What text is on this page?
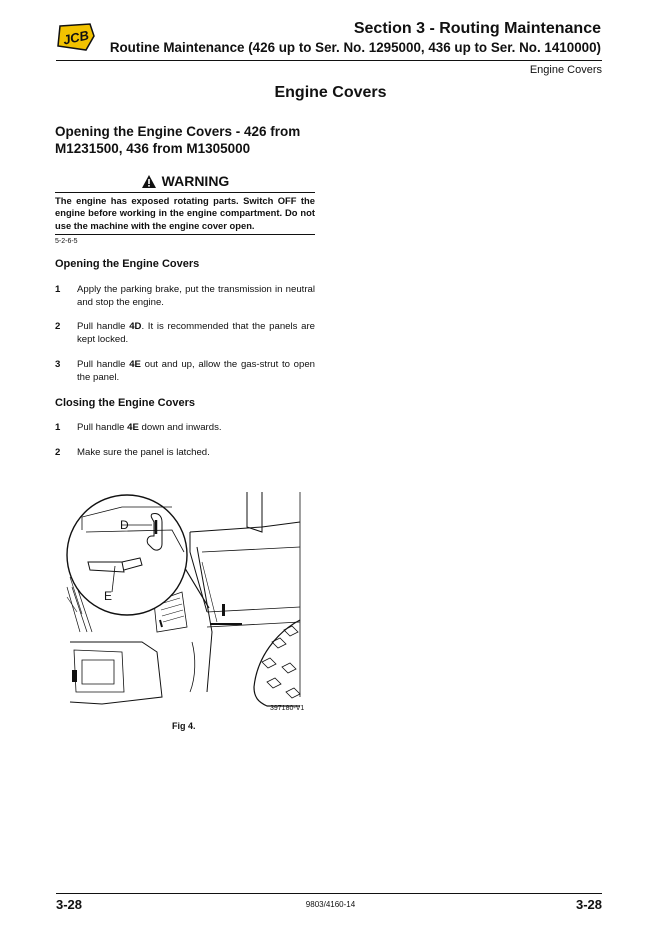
JCB	Section 3 - Routing Maintenance
Routine Maintenance (426 up to Ser. No. 1295000, 436 up to Ser. No. 1410000)
Engine Covers
Engine Covers
Opening the Engine Covers - 426 from M1231500, 436 from M1305000
WARNING
The engine has exposed rotating parts. Switch OFF the engine before working in the engine compartment. Do not use the machine with the engine cover open.
5-2-6-5
Opening the Engine Covers
1 Apply the parking brake, put the transmission in neutral and stop the engine.
2 Pull handle 4D. It is recommended that the panels are kept locked.
3 Pull handle 4E out and up, allow the gas-strut to open the panel.
Closing the Engine Covers
1 Pull handle 4E down and inwards.
2 Make sure the panel is latched.
D
E
397180-V1
Fig 4.
3-28	9803/4160-14	3-28
